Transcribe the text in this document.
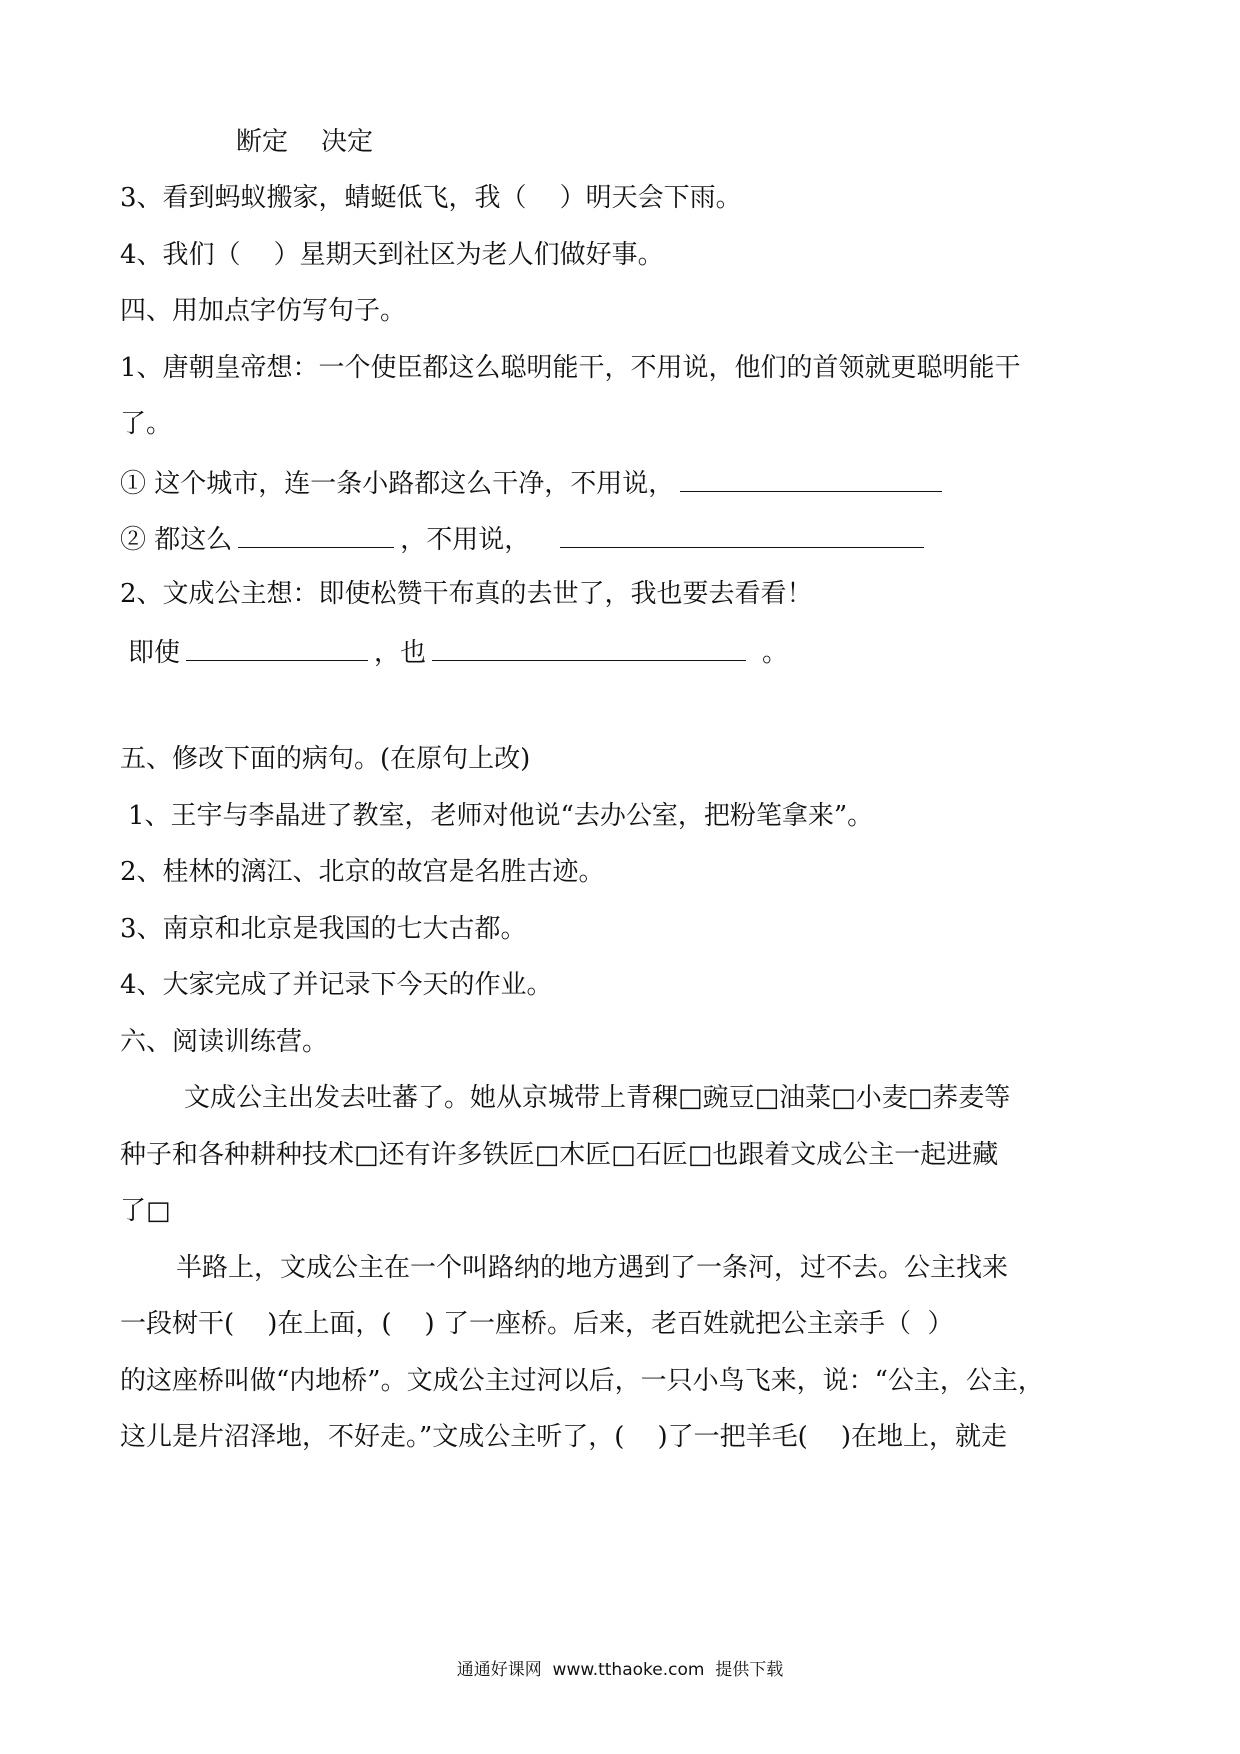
断定    决定
3、看到蚂蚁搬家，蜻蜓低飞，我（    ）明天会下雨。
4、我们（    ）星期天到社区为老人们做好事。
四、用加点字仿写句子。
1、唐朝皇帝想：一个使臣都这么聪明能干，不用说，他们的首领就更聪明能干
了。
① 这个城市，连一条小路都这么干净，不用说，
② 都这么	，不用说，
2、文成公主想：即使松赞干布真的去世了，我也要去看看！
即使	，也	。
五、修改下面的病句。(在原句上改)
1、王宇与李晶进了教室，老师对他说“去办公室，把粉笔拿来”。
2、桂林的漓江、北京的故宫是名胜古迹。
3、南京和北京是我国的七大古都。
4、大家完成了并记录下今天的作业。
六、阅读训练营。
文成公主出发去吐蕃了。她从京城带上青稞□豌豆□油菜□小麦□荞麦等
种子和各种耕种技术□还有许多铁匠□木匠□石匠□也跟着文成公主一起进藏
了□
半路上，文成公主在一个叫路纳的地方遇到了一条河，过不去。公主找来
一段树干(    )在上面，(    ) 了一座桥。后来，老百姓就把公主亲手（  ）
的这座桥叫做“内地桥”。文成公主过河以后，一只小鸟飞来，说：“公主，公主，
这儿是片沼泽地，不好走。”文成公主听了，(    )了一把羊毛(    )在地上，就走
通通好课网  www.tthaoke.com  提供下载
